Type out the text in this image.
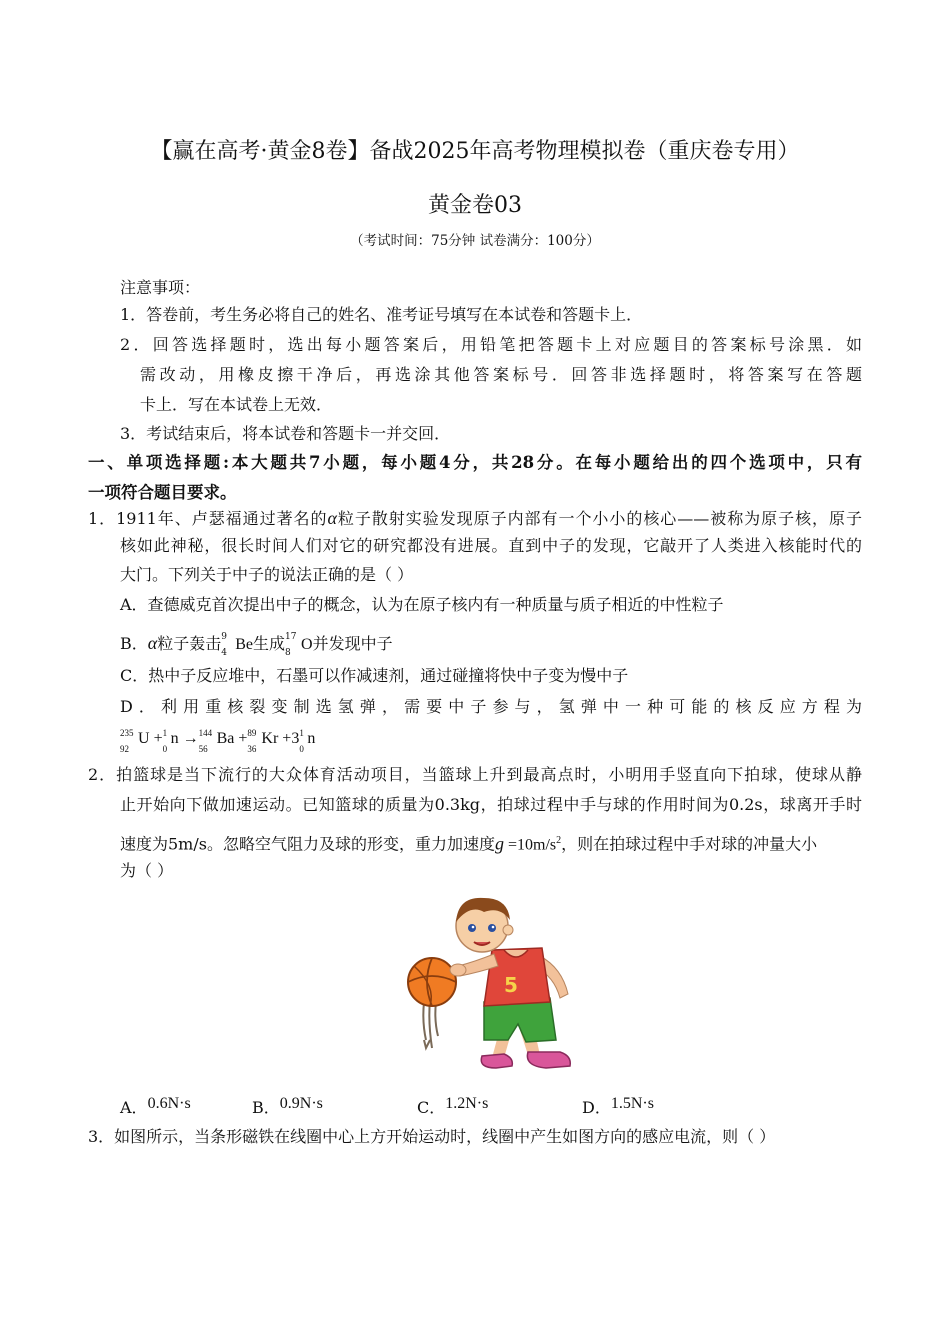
【赢在高考·黄金8卷】备战2025年高考物理模拟卷（重庆卷专用）
黄金卷03
（考试时间：75分钟 试卷满分：100分）
注意事项：
1．答卷前，考生务必将自己的姓名、准考证号填写在本试卷和答题卡上．
2．回答选择题时，选出每小题答案后，用铅笔把答题卡上对应题目的答案标号涂黑．如
需改动，用橡皮擦干净后，再选涂其他答案标号．回答非选择题时，将答案写在答题
卡上．写在本试卷上无效．
3．考试结束后，将本试卷和答题卡一并交回．
一、单项选择题:本大题共7小题，每小题4分，共28分。在每小题给出的四个选项中，只有
一项符合题目要求。
1．1911年、卢瑟福通过著名的α粒子散射实验发现原子内部有一个小小的核心——被称为原子核，原子
核如此神秘，很长时间人们对它的研究都没有进展。直到中子的发现，它敲开了人类进入核能时代的
大门。下列关于中子的说法正确的是（ ）
A．查德威克首次提出中子的概念，认为在原子核内有一种质量与质子相近的中性粒子
B．α粒子轰击 9
4 Be生成 17
8 O并发现中子
C．热中子反应堆中，石墨可以作减速剂，通过碰撞将快中子变为慢中子
D．利用重核裂变制选氢弹，需要中子参与，氢弹中一种可能的核反应方程为
235
92
U + 1
0
n → 144
56
Ba + 89
36
Kr +3 1
0
n
2．拍篮球是当下流行的大众体育活动项目，当篮球上升到最高点时，小明用手竖直向下拍球，使球从静
止开始向下做加速运动。已知篮球的质量为0.3kg，拍球过程中手与球的作用时间为0.2s，球离开手时
速度为5m/s。忽略空气阻力及球的形变，重力加速度$g =10m/s^2$，则在拍球过程中手对球的冲量大小
为（ ）
5
A．0.6N·s	B．0.9N·s	C．1.2N·s	D．1.5N·s
3．如图所示，当条形磁铁在线圈中心上方开始运动时，线圈中产生如图方向的感应电流，则（ ）
